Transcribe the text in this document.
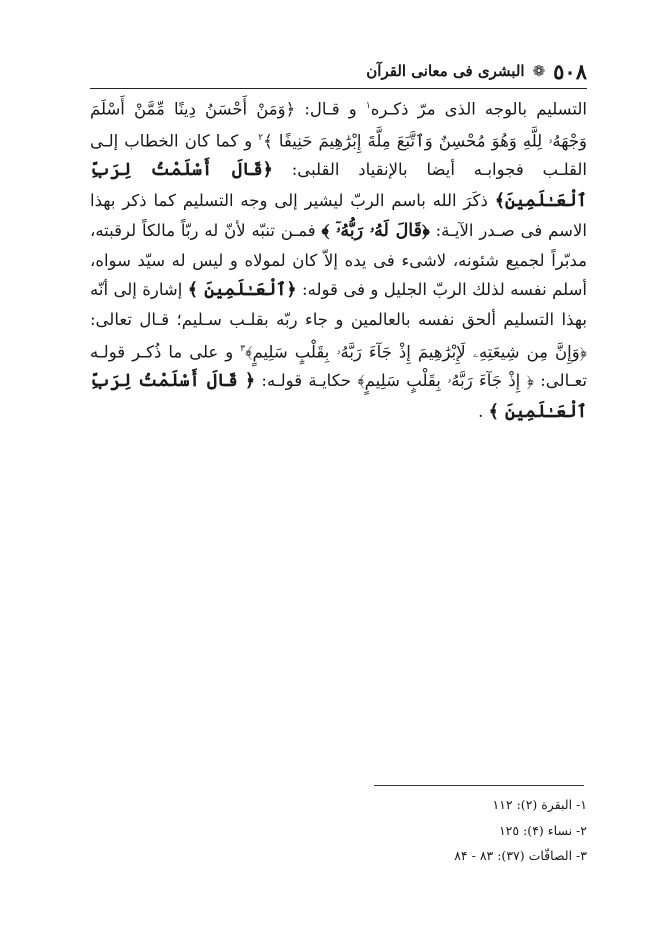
٥٠٨
❁
البشرى فى معانى القرآن

التسليم بالوجه الذى مرّ ذكـره$^١$ و قـال: ﴿وَمَنْ أَحْسَنُ دِينًا مِّمَّنْ أَسْلَمَ وَجْهَهُۥ لِلَّهِ وَهُوَ مُحْسِنٌ وَٱتَّبَعَ مِلَّةَ إِبْرَٰهِيمَ حَنِيفًا ﴾$^٢$ و كما كان الخطاب إلـى القلـب فجوابـه أيضا بالإنقياد القلبى: ﴿قَالَ أَسْلَمْتُ لِرَبِّ ٱلْعَـٰلَمِينَ﴾ ذكَرَ الله باسم الربّ ليشير إلى وجه التسليم كما ذكر بهذا الاسم فى صـدر الآيـة: ﴿قَالَ لَهُۥ رَبُّهُۥٓ ﴾ فمـن تنبّه لأنّ له ربّاً مالكاً لرقبته، مدبّراً لجميع شئونه، لاشىء فى يده إلاّ كان لمولاه و ليس له سيّد سواه، أسلم نفسه لذلك الربّ الجليل و فى قوله: ﴿ٱلْعَـٰلَمِينَ ﴾ إشارة إلى أنّه بهذا التسليم ألحق نفسه بالعالمين و جاء ربّه بقلـب سـليم؛ قـال تعالى: ﴿وَإِنَّ مِن شِيعَتِهِۦ لَإِبْرَٰهِيمَ إِذْ جَآءَ رَبَّهُۥ بِقَلْبٍ سَلِيمٍ﴾$^٣$ و على ما ذُكـر قولـه تعـالى: ﴿ إِذْ جَآءَ رَبَّهُۥ بِقَلْبٍ سَلِيمٍ﴾ حكايـة قولـه: ﴿ قَالَ أَسْلَمْتُ لِرَبِّ ٱلْعَـٰلَمِينَ ﴾ .

١- البقرة (٢): ١١٢
٢- نساء (۴): ١٢٥
٣- الصافّات (٣٧): ٨٣ - ٨۴
